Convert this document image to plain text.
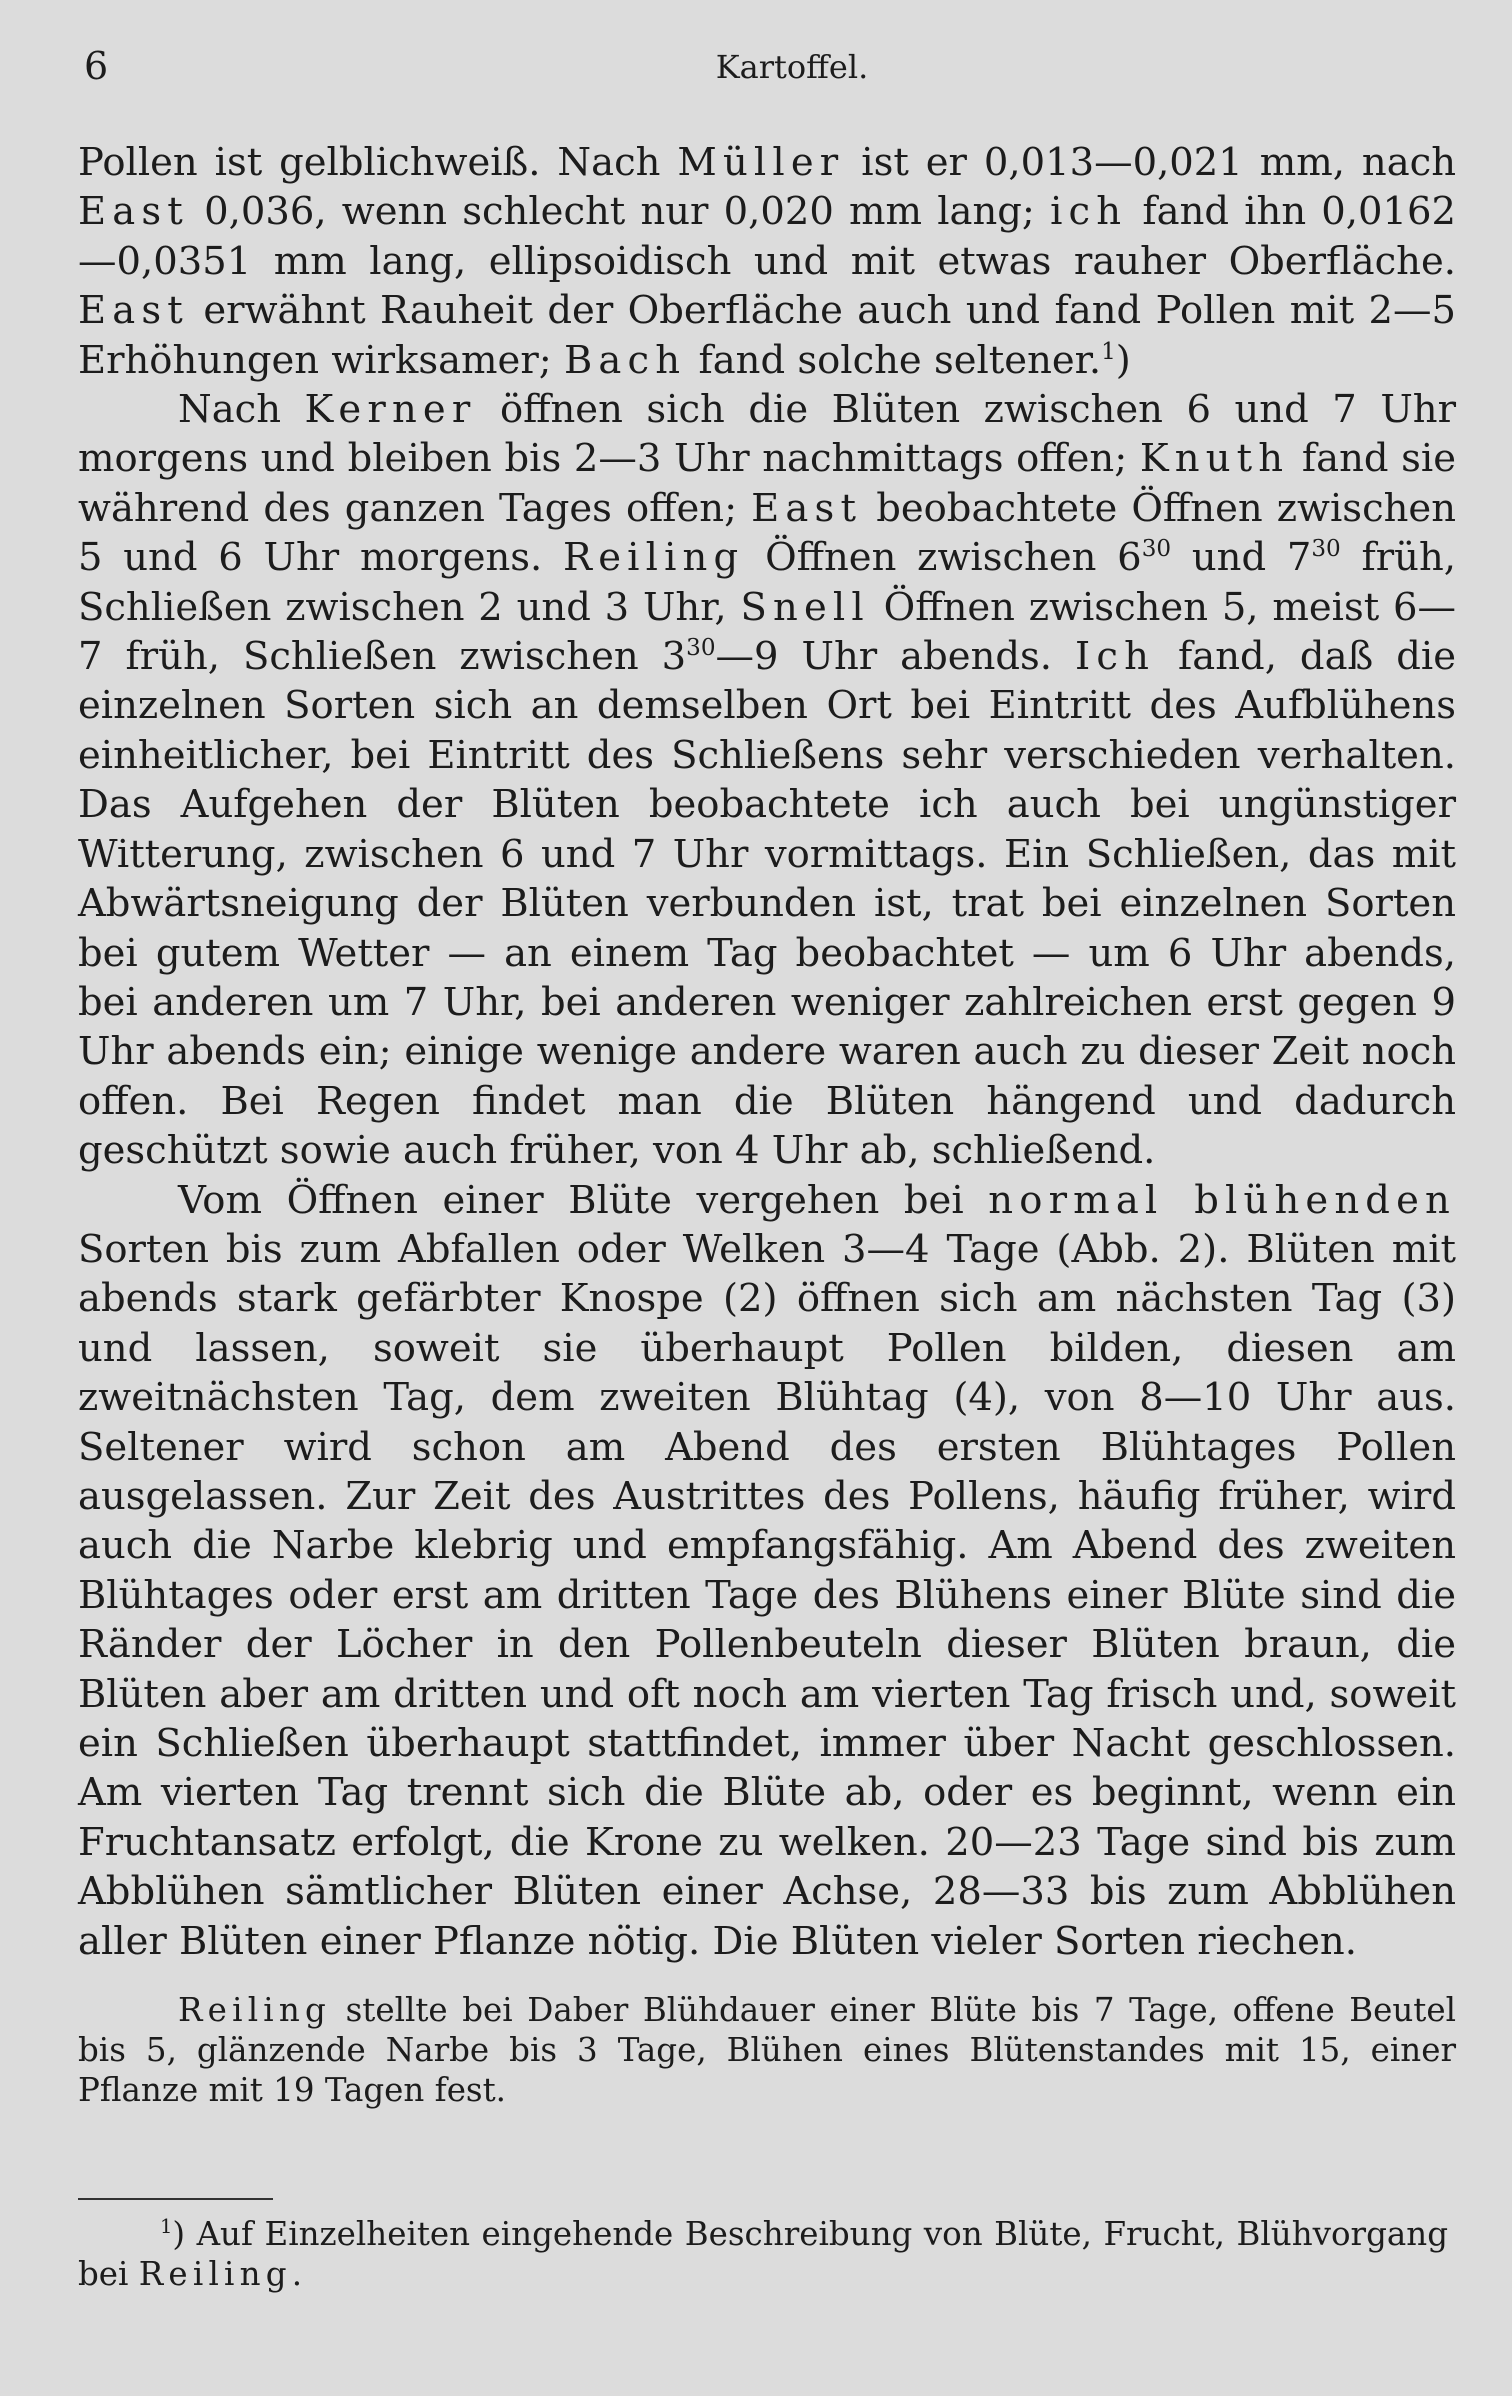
6	Kartoffel.

Pollen ist gelblichweiß. Nach Müller ist er 0,013—0,021 mm, nach East 0,036, wenn schlecht nur 0,020 mm lang; ich fand ihn 0,0162—0,0351 mm lang, ellipsoidisch und mit etwas rauher Oberfläche. East erwähnt Rauheit der Oberfläche auch und fand Pollen mit 2—5 Erhöhungen wirksamer; Bach fand solche seltener.$^1$)

Nach Kerner öffnen sich die Blüten zwischen 6 und 7 Uhr morgens und bleiben bis 2—3 Uhr nachmittags offen; Knuth fand sie während des ganzen Tages offen; East beobachtete Öffnen zwischen 5 und 6 Uhr morgens. Reiling Öffnen zwischen $6^{30}$ und $7^{30}$ früh, Schließen zwischen 2 und 3 Uhr, Snell Öffnen zwischen 5, meist 6—7 früh, Schließen zwischen $3^{30}—9$ Uhr abends. Ich fand, daß die einzelnen Sorten sich an demselben Ort bei Eintritt des Aufblühens einheitlicher, bei Eintritt des Schließens sehr verschieden verhalten. Das Aufgehen der Blüten beobachtete ich auch bei ungünstiger Witterung, zwischen 6 und 7 Uhr vormittags. Ein Schließen, das mit Abwärtsneigung der Blüten verbunden ist, trat bei einzelnen Sorten bei gutem Wetter — an einem Tag beobachtet — um 6 Uhr abends, bei anderen um 7 Uhr, bei anderen weniger zahlreichen erst gegen 9 Uhr abends ein; einige wenige andere waren auch zu dieser Zeit noch offen. Bei Regen findet man die Blüten hängend und dadurch geschützt sowie auch früher, von 4 Uhr ab, schließend.

Vom Öffnen einer Blüte vergehen bei normal blühenden Sorten bis zum Abfallen oder Welken 3—4 Tage (Abb. 2). Blüten mit abends stark gefärbter Knospe (2) öffnen sich am nächsten Tag (3) und lassen, soweit sie überhaupt Pollen bilden, diesen am zweitnächsten Tag, dem zweiten Blühtag (4), von 8—10 Uhr aus. Seltener wird schon am Abend des ersten Blühtages Pollen ausgelassen. Zur Zeit des Austrittes des Pollens, häufig früher, wird auch die Narbe klebrig und empfangsfähig. Am Abend des zweiten Blühtages oder erst am dritten Tage des Blühens einer Blüte sind die Ränder der Löcher in den Pollenbeuteln dieser Blüten braun, die Blüten aber am dritten und oft noch am vierten Tag frisch und, soweit ein Schließen überhaupt stattfindet, immer über Nacht geschlossen. Am vierten Tag trennt sich die Blüte ab, oder es beginnt, wenn ein Fruchtansatz erfolgt, die Krone zu welken. 20—23 Tage sind bis zum Abblühen sämtlicher Blüten einer Achse, 28—33 bis zum Abblühen aller Blüten einer Pflanze nötig. Die Blüten vieler Sorten riechen.

Reiling stellte bei Daber Blühdauer einer Blüte bis 7 Tage, offene Beutel bis 5, glänzende Narbe bis 3 Tage, Blühen eines Blütenstandes mit 15, einer Pflanze mit 19 Tagen fest.

$^1$) Auf Einzelheiten eingehende Beschreibung von Blüte, Frucht, Blühvorgang bei Reiling.
